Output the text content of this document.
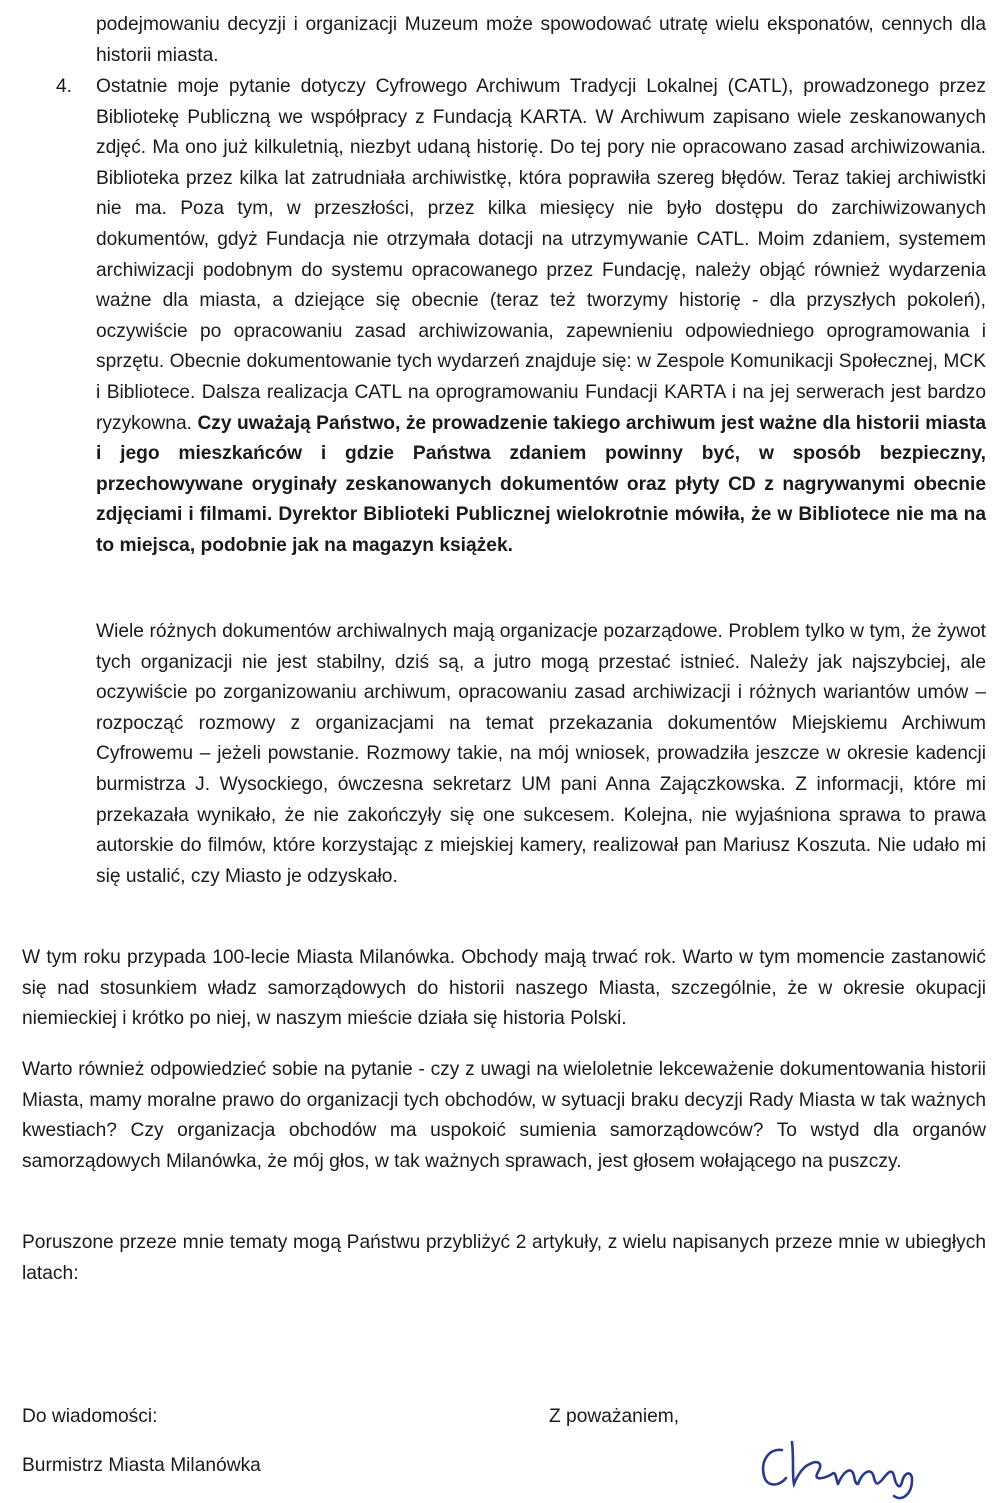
podejmowaniu decyzji i organizacji Muzeum może spowodować utratę wielu eksponatów, cennych dla historii miasta.

4. Ostatnie moje pytanie dotyczy Cyfrowego Archiwum Tradycji Lokalnej (CATL), prowadzonego przez Bibliotekę Publiczną we współpracy z Fundacją KARTA. W Archiwum zapisano wiele zeskanowanych zdjęć. Ma ono już kilkuletnią, niezbyt udaną historię. Do tej pory nie opracowano zasad archiwizowania. Biblioteka przez kilka lat zatrudniała archiwistkę, która poprawiła szereg błędów. Teraz takiej archiwistki nie ma. Poza tym, w przeszłości, przez kilka miesięcy nie było dostępu do zarchiwizowanych dokumentów, gdyż Fundacja nie otrzymała dotacji na utrzymywanie CATL. Moim zdaniem, systemem archiwizacji podobnym do systemu opracowanego przez Fundację, należy objąć również wydarzenia ważne dla miasta, a dziejące się obecnie (teraz też tworzymy historię - dla przyszłych pokoleń), oczywiście po opracowaniu zasad archiwizowania, zapewnieniu odpowiedniego oprogramowania i sprzętu. Obecnie dokumentowanie tych wydarzeń znajduje się: w Zespole Komunikacji Społecznej, MCK i Bibliotece. Dalsza realizacja CATL na oprogramowaniu Fundacji KARTA i na jej serwerach jest bardzo ryzykowna. Czy uważają Państwo, że prowadzenie takiego archiwum jest ważne dla historii miasta i jego mieszkańców i gdzie Państwa zdaniem powinny być, w sposób bezpieczny, przechowywane oryginały zeskanowanych dokumentów oraz płyty CD z nagrywanymi obecnie zdjęciami i filmami. Dyrektor Biblioteki Publicznej wielokrotnie mówiła, że w Bibliotece nie ma na to miejsca, podobnie jak na magazyn książek.

Wiele różnych dokumentów archiwalnych mają organizacje pozarządowe. Problem tylko w tym, że żywot tych organizacji nie jest stabilny, dziś są, a jutro mogą przestać istnieć. Należy jak najszybciej, ale oczywiście po zorganizowaniu archiwum, opracowaniu zasad archiwizacji i różnych wariantów umów – rozpocząć rozmowy z organizacjami na temat przekazania dokumentów Miejskiemu Archiwum Cyfrowemu – jeżeli powstanie. Rozmowy takie, na mój wniosek, prowadziła jeszcze w okresie kadencji burmistrza J. Wysockiego, ówczesna sekretarz UM pani Anna Zajączkowska. Z informacji, które mi przekazała wynikało, że nie zakończyły się one sukcesem. Kolejna, nie wyjaśniona sprawa to prawa autorskie do filmów, które korzystając z miejskiej kamery, realizował pan Mariusz Koszuta. Nie udało mi się ustalić, czy Miasto je odzyskało.

W tym roku przypada 100-lecie Miasta Milanówka. Obchody mają trwać rok. Warto w tym momencie zastanowić się nad stosunkiem władz samorządowych do historii naszego Miasta, szczególnie, że w okresie okupacji niemieckiej i krótko po niej, w naszym mieście działa się historia Polski.

Warto również odpowiedzieć sobie na pytanie - czy z uwagi na wieloletnie lekceważenie dokumentowania historii Miasta, mamy moralne prawo do organizacji tych obchodów, w sytuacji braku decyzji Rady Miasta w tak ważnych kwestiach? Czy organizacja obchodów ma uspokoić sumienia samorządowców? To wstyd dla organów samorządowych Milanówka, że mój głos, w tak ważnych sprawach, jest głosem wołającego na puszczy.

Poruszone przeze mnie tematy mogą Państwu przybliżyć 2 artykuły, z wielu napisanych przeze mnie w ubiegłych latach:

Do wiadomości:
Burmistrz Miasta Milanówka
Z poważaniem,
